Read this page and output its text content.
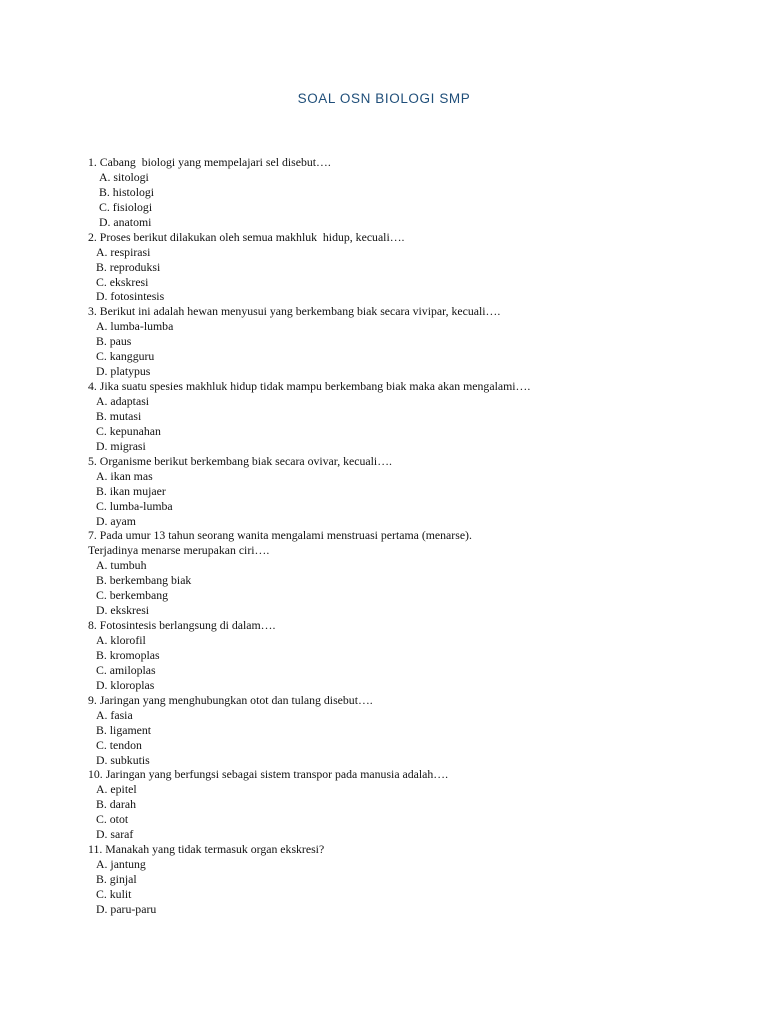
SOAL OSN BIOLOGI SMP
1. Cabang  biologi yang mempelajari sel disebut….
A. sitologi
B. histologi
C. fisiologi
D. anatomi
2. Proses berikut dilakukan oleh semua makhluk  hidup, kecuali….
A. respirasi
B. reproduksi
C. ekskresi
D. fotosintesis
3. Berikut ini adalah hewan menyusui yang berkembang biak secara vivipar, kecuali….
A. lumba-lumba
B. paus
C. kangguru
D. platypus
4. Jika suatu spesies makhluk hidup tidak mampu berkembang biak maka akan mengalami….
A. adaptasi
B. mutasi
C. kepunahan
D. migrasi
5. Organisme berikut berkembang biak secara ovivar, kecuali….
A. ikan mas
B. ikan mujaer
C. lumba-lumba
D. ayam
7. Pada umur 13 tahun seorang wanita mengalami menstruasi pertama (menarse).
Terjadinya menarse merupakan ciri….
A. tumbuh
B. berkembang biak
C. berkembang
D. ekskresi
8. Fotosintesis berlangsung di dalam….
A. klorofil
B. kromoplas
C. amiloplas
D. kloroplas
9. Jaringan yang menghubungkan otot dan tulang disebut….
A. fasia
B. ligament
C. tendon
D. subkutis
10. Jaringan yang berfungsi sebagai sistem transpor pada manusia adalah….
A. epitel
B. darah
C. otot
D. saraf
11. Manakah yang tidak termasuk organ ekskresi?
A. jantung
B. ginjal
C. kulit
D. paru-paru
